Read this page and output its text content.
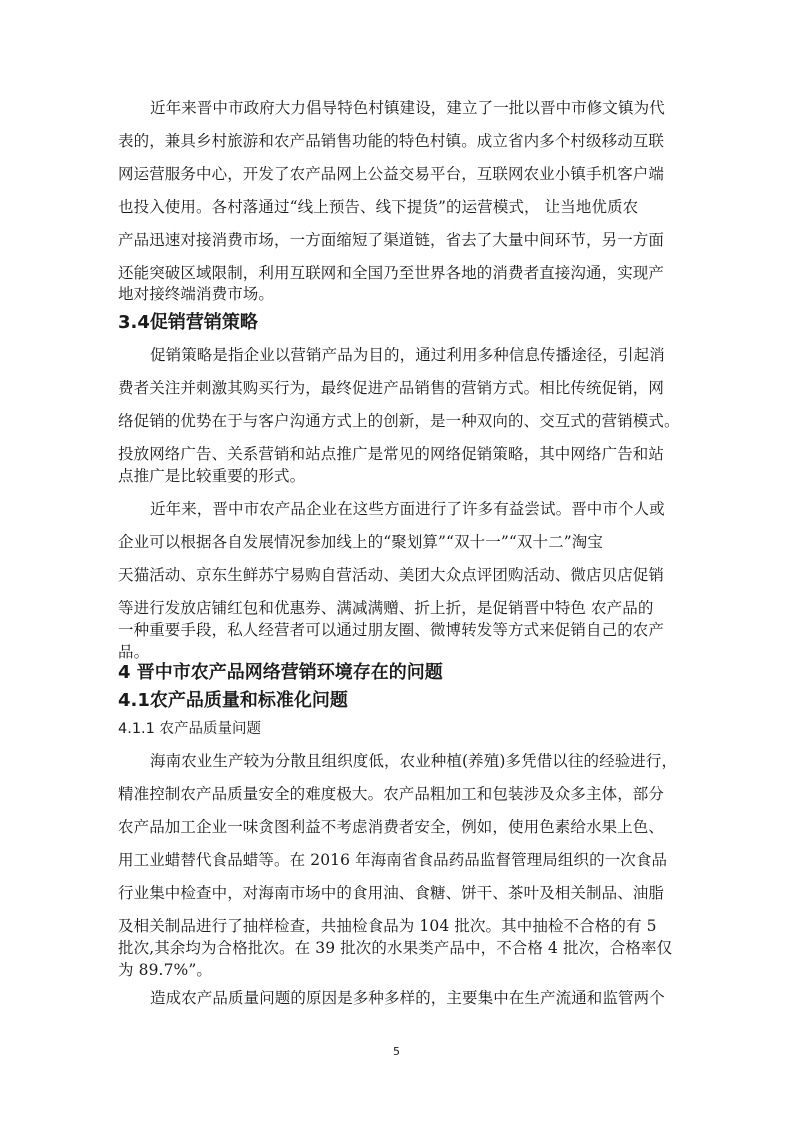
近年来晋中市政府大力倡导特色村镇建设，建立了一批以晋中市修文镇为代
表的，兼具乡村旅游和农产品销售功能的特色村镇。成立省内多个村级移动互联
网运营服务中心，开发了农产品网上公益交易平台，互联网农业小镇手机客户端
也投入使用。各村落通过“线上预告、线下提货”的运营模式， 让当地优质农
产品迅速对接消费市场，一方面缩短了渠道链，省去了大量中间环节，另一方面
还能突破区域限制，利用互联网和全国乃至世界各地的消费者直接沟通，实现产
地对接终端消费市场。
3.4促销营销策略
促销策略是指企业以营销产品为目的，通过利用多种信息传播途径，引起消
费者关注并刺激其购买行为，最终促进产品销售的营销方式。相比传统促销，网
络促销的优势在于与客户沟通方式上的创新，是一种双向的、交互式的营销模式。
投放网络广告、关系营销和站点推广是常见的网络促销策略，其中网络广告和站
点推广是比较重要的形式。
近年来，晋中市农产品企业在这些方面进行了许多有益尝试。晋中市个人或
企业可以根据各自发展情况参加线上的“聚划算”“双十一”“双十二”淘宝
天猫活动、京东生鲜苏宁易购自营活动、美团大众点评团购活动、微店贝店促销
等进行发放店铺红包和优惠券、满减满赠、折上折，是促销晋中特色 农产品的
一种重要手段，私人经营者可以通过朋友圈、微博转发等方式来促销自己的农产
品。
4 晋中市农产品网络营销环境存在的问题
4.1农产品质量和标准化问题
4.1.1 农产品质量问题
海南农业生产较为分散且组织度低，农业种植(养殖)多凭借以往的经验进行，
精准控制农产品质量安全的难度极大。农产品粗加工和包装涉及众多主体，部分
农产品加工企业一味贪图利益不考虑消费者安全，例如，使用色素给水果上色、
用工业蜡替代食品蜡等。在 2016 年海南省食品药品监督管理局组织的一次食品
行业集中检查中，对海南市场中的食用油、食糖、饼干、茶叶及相关制品、油脂
及相关制品进行了抽样检查，共抽检食品为 104 批次。其中抽检不合格的有 5
批次,其余均为合格批次。在 39 批次的水果类产品中，不合格 4 批次，合格率仅
为 89.7%”。
造成农产品质量问题的原因是多种多样的，主要集中在生产流通和监管两个
5
